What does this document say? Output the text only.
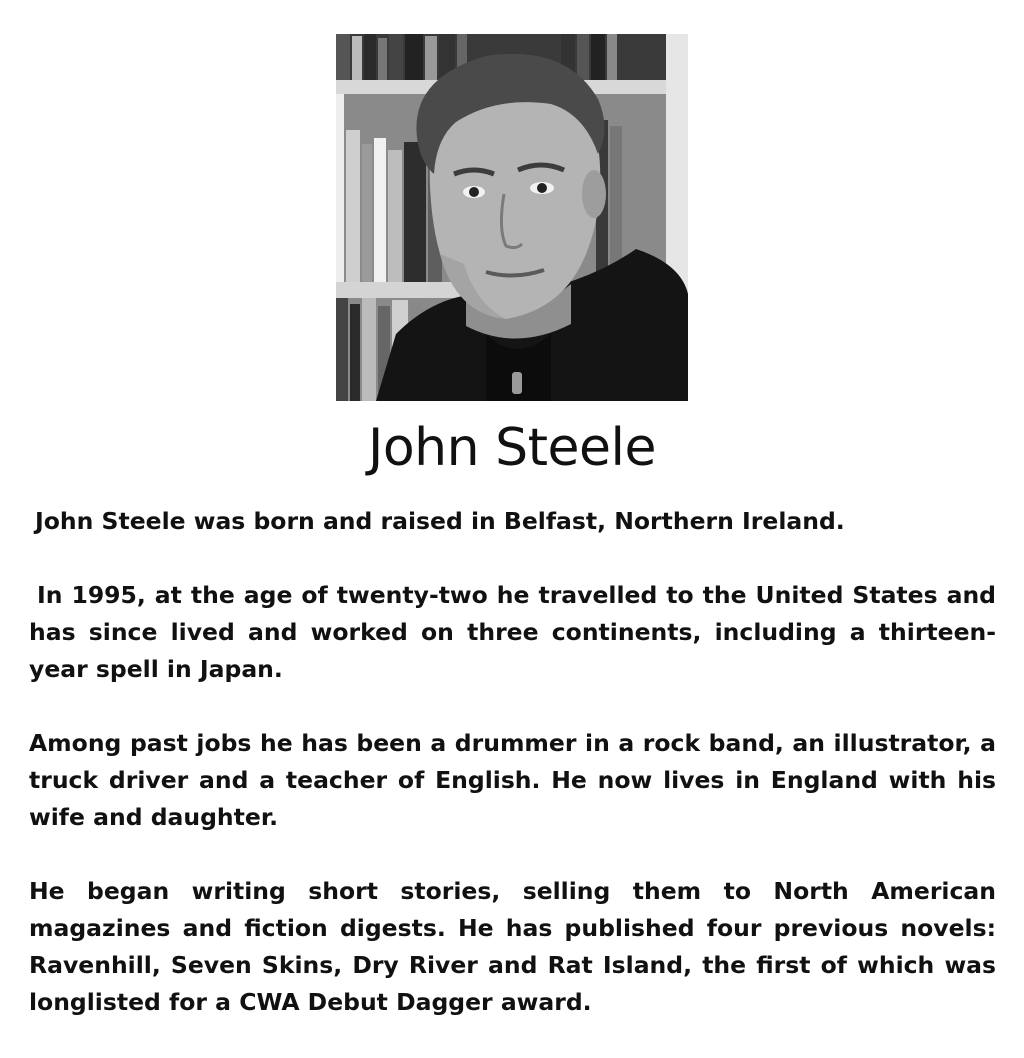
John Steele

John Steele was born and raised in Belfast, Northern Ireland.

In 1995, at the age of twenty-two he travelled to the United States and has since lived and worked on three continents, including a thirteen-year spell in Japan.

Among past jobs he has been a drummer in a rock band, an illustrator, a truck driver and a teacher of English. He now lives in England with his wife and daughter.

He began writing short stories, selling them to North American magazines and fiction digests. He has published four previous novels: Ravenhill, Seven Skins, Dry River and Rat Island, the first of which was longlisted for a CWA Debut Dagger award.
